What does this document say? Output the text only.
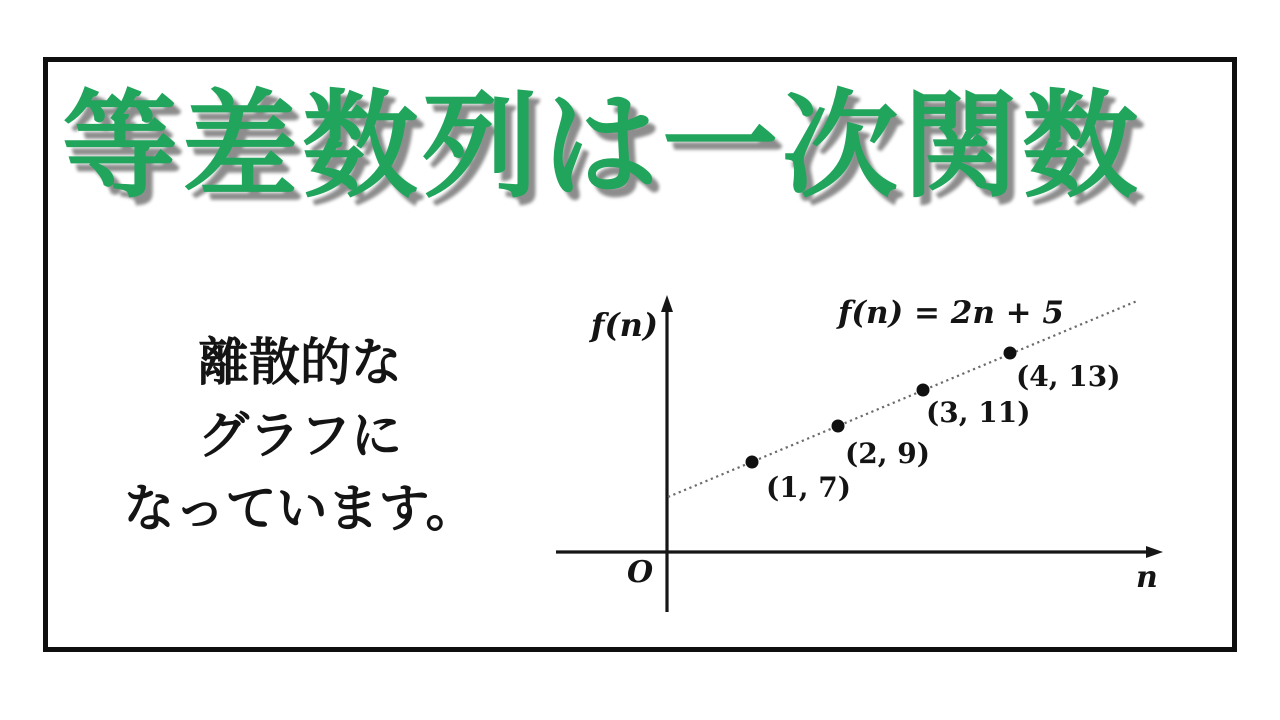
等差数列は一次関数
離散的な
グラフに
なっています。
f(n)	f(n) = 2n + 5
O	n
(1, 7)
(2, 9)
(3, 11)
(4, 13)
